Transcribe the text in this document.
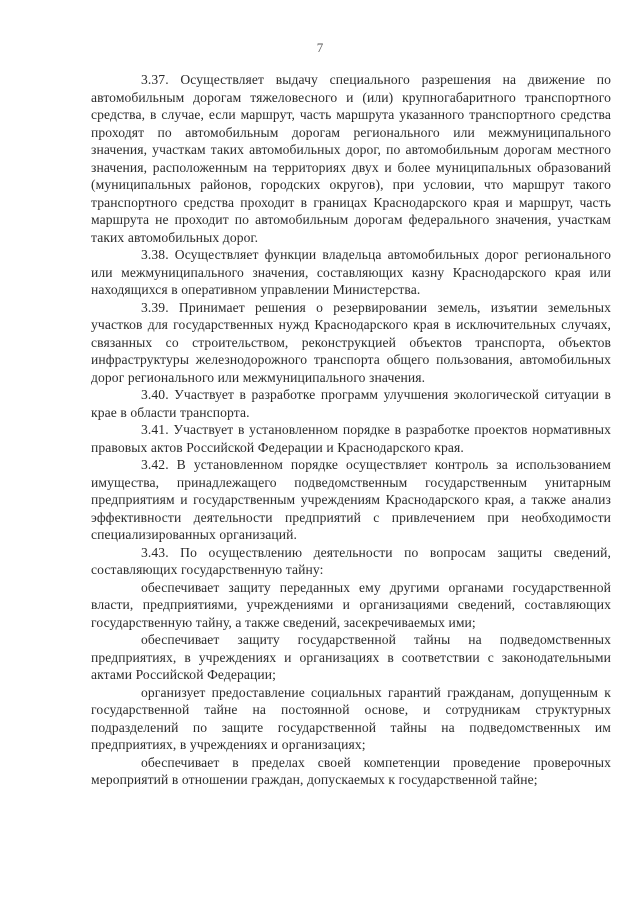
7

3.37. Осуществляет выдачу специального разрешения на движение по автомобильным дорогам тяжеловесного и (или) крупногабаритного транспортного средства, в случае, если маршрут, часть маршрута указанного транспортного средства проходят по автомобильным дорогам регионального или межмуниципального значения, участкам таких автомобильных дорог, по автомобильным дорогам местного значения, расположенным на территориях двух и более муниципальных образований (муниципальных районов, городских округов), при условии, что маршрут такого транспортного средства проходит в границах Краснодарского края и маршрут, часть маршрута не проходит по автомобильным дорогам федерального значения, участкам таких автомобильных дорог.

3.38. Осуществляет функции владельца автомобильных дорог регионального или межмуниципального значения, составляющих казну Краснодарского края или находящихся в оперативном управлении Министерства.

3.39. Принимает решения о резервировании земель, изъятии земельных участков для государственных нужд Краснодарского края в исключительных случаях, связанных со строительством, реконструкцией объектов транспорта, объектов инфраструктуры железнодорожного транспорта общего пользования, автомобильных дорог регионального или межмуниципального значения.

3.40. Участвует в разработке программ улучшения экологической ситуации в крае в области транспорта.

3.41. Участвует в установленном порядке в разработке проектов нормативных правовых актов Российской Федерации и Краснодарского края.

3.42. В установленном порядке осуществляет контроль за использованием имущества, принадлежащего подведомственным государственным унитарным предприятиям и государственным учреждениям Краснодарского края, а также анализ эффективности деятельности предприятий с привлечением при необходимости специализированных организаций.

3.43. По осуществлению деятельности по вопросам защиты сведений, составляющих государственную тайну:

обеспечивает защиту переданных ему другими органами государственной власти, предприятиями, учреждениями и организациями сведений, составляющих государственную тайну, а также сведений, засекречиваемых ими;

обеспечивает защиту государственной тайны на подведомственных предприятиях, в учреждениях и организациях в соответствии с законодательными актами Российской Федерации;

организует предоставление социальных гарантий гражданам, допущенным к государственной тайне на постоянной основе, и сотрудникам структурных подразделений по защите государственной тайны на подведомственных им предприятиях, в учреждениях и организациях;

обеспечивает в пределах своей компетенции проведение проверочных мероприятий в отношении граждан, допускаемых к государственной тайне;
